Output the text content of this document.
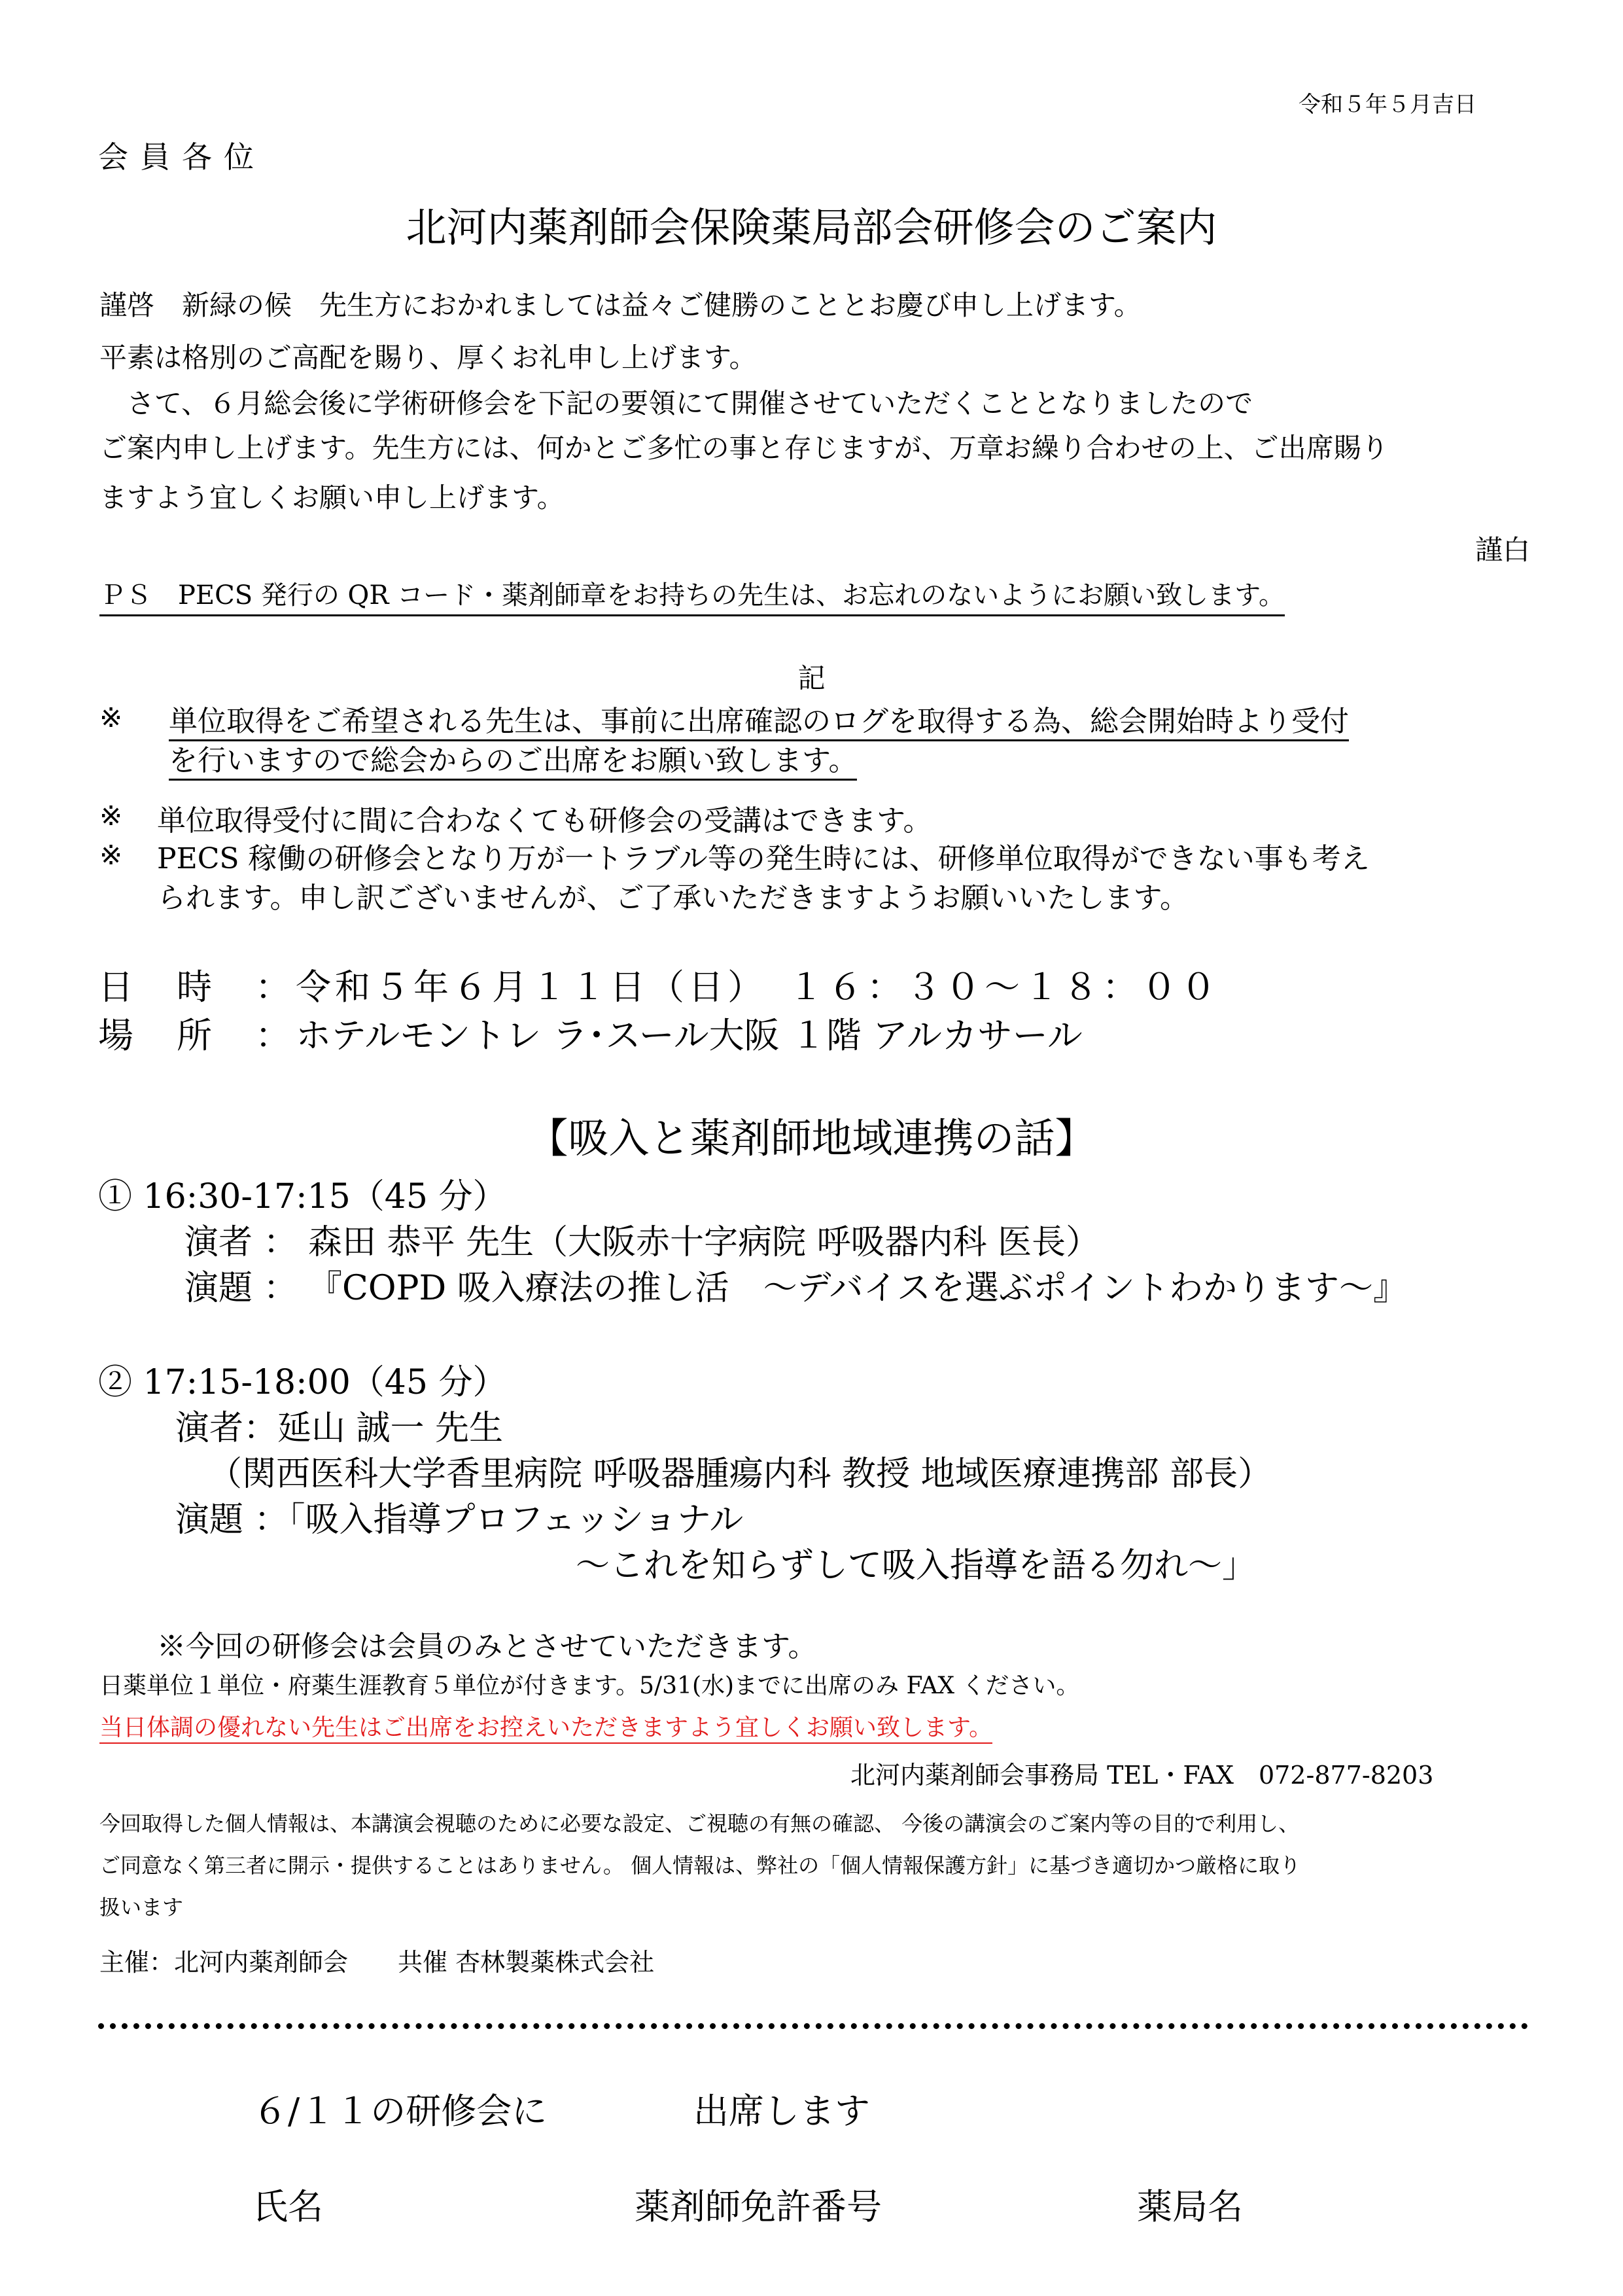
令和５年５月吉日
会員各位
北河内薬剤師会保険薬局部会研修会のご案内
謹啓　新緑の候　先生方におかれましては益々ご健勝のこととお慶び申し上げます。
平素は格別のご高配を賜り、厚くお礼申し上げます。
　さて、６月総会後に学術研修会を下記の要領にて開催させていただくこととなりましたので
ご案内申し上げます。先生方には、何かとご多忙の事と存じますが、万章お繰り合わせの上、ご出席賜り
ますよう宜しくお願い申し上げます。
謹白
ＰＳ　PECS 発行の QR コード・薬剤師章をお持ちの先生は、お忘れのないようにお願い致します。
記
※ 単位取得をご希望される先生は、事前に出席確認のログを取得する為、総会開始時より受付
を行いますので総会からのご出席をお願い致します。
※ 単位取得受付に間に合わなくても研修会の受講はできます。
※ PECS 稼働の研修会となり万が一トラブル等の発生時には、研修単位取得ができない事も考え
られます。申し訳ございませんが、ご了承いただきますようお願いいたします。
日　時　： 令和５年６月１１日（日）　１６：３０～１８：００
場　所　： ホテルモントレ ラ･スール大阪 １階 アルカサール
【吸入と薬剤師地域連携の話】
① 16:30-17:15（45 分）
演者 ： 森田 恭平 先生（大阪赤十字病院 呼吸器内科 医長）
演題 ： 『COPD 吸入療法の推し活　～デバイスを選ぶポイントわかります～』
② 17:15-18:00（45 分）
演者：延山 誠一 先生
（関西医科大学香里病院 呼吸器腫瘍内科 教授 地域医療連携部 部長）
演題 ：「吸入指導プロフェッショナル
～これを知らずして吸入指導を語る勿れ～」
※今回の研修会は会員のみとさせていただきます。
日薬単位１単位・府薬生涯教育５単位が付きます。5/31(水)までに出席のみ FAX ください。
当日体調の優れない先生はご出席をお控えいただきますよう宜しくお願い致します。
北河内薬剤師会事務局 TEL・FAX　072-877-8203
今回取得した個人情報は、本講演会視聴のために必要な設定、ご視聴の有無の確認、 今後の講演会のご案内等の目的で利用し、
ご同意なく第三者に開示・提供することはありません。 個人情報は、弊社の「個人情報保護方針」に基づき適切かつ厳格に取り
扱います
主催：北河内薬剤師会　　共催 杏林製薬株式会社
６/１１の研修会に	出席します
氏名	薬剤師免許番号	薬局名
